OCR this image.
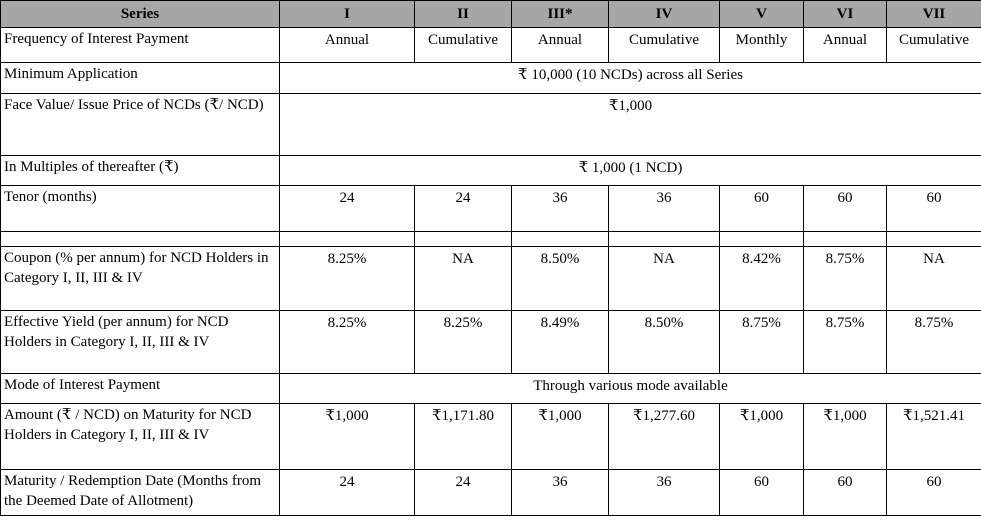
Series	I	II	III*	IV	V	VI	VII
Frequency of Interest Payment	Annual	Cumulative	Annual	Cumulative	Monthly	Annual	Cumulative
Minimum Application	₹ 10,000 (10 NCDs) across all Series						
Face Value/ Issue Price of NCDs (₹/ NCD)	₹1,000						
In Multiples of thereafter (₹)	₹ 1,000 (1 NCD)						
Tenor (months)	24	24	36	36	60	60	60

Coupon (% per annum) for NCD Holders in Category I, II, III & IV	8.25%	NA	8.50%	NA	8.42%	8.75%	NA
Effective Yield (per annum) for NCD Holders in Category I, II, III & IV	8.25%	8.25%	8.49%	8.50%	8.75%	8.75%	8.75%
Mode of Interest Payment	Through various mode available						
Amount (₹ / NCD) on Maturity for NCD Holders in Category I, II, III & IV	₹1,000	₹1,171.80	₹1,000	₹1,277.60	₹1,000	₹1,000	₹1,521.41
Maturity / Redemption Date (Months from the Deemed Date of Allotment)	24	24	36	36	60	60	60
